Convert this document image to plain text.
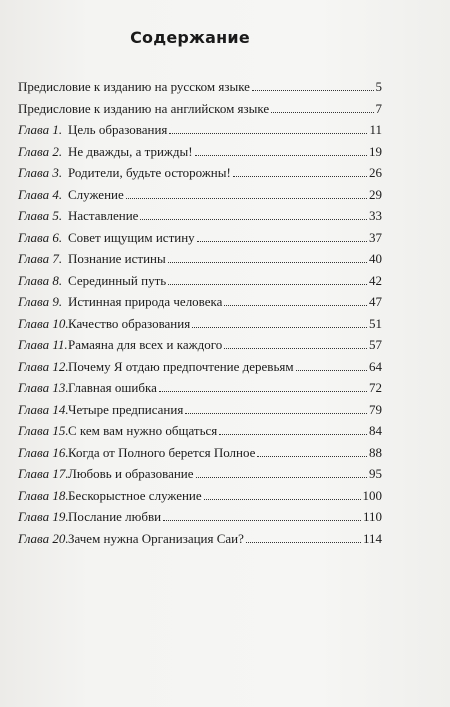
Содержание
Предисловие к изданию на русском языке	5
Предисловие к изданию на английском языке	7
Глава 1. Цель образования	11
Глава 2. Не дважды, а трижды!	19
Глава 3. Родители, будьте осторожны!	26
Глава 4. Служение	29
Глава 5. Наставление	33
Глава 6. Совет ищущим истину	37
Глава 7. Познание истины	40
Глава 8. Серединный путь	42
Глава 9. Истинная природа человека	47
Глава 10. Качество образования	51
Глава 11. Рамаяна для всех и каждого	57
Глава 12. Почему Я отдаю предпочтение деревьям	64
Глава 13. Главная ошибка	72
Глава 14. Четыре предписания	79
Глава 15. С кем вам нужно общаться	84
Глава 16. Когда от Полного берется Полное	88
Глава 17. Любовь и образование	95
Глава 18. Бескорыстное служение	100
Глава 19. Послание любви	110
Глава 20. Зачем нужна Организация Саи?	114
